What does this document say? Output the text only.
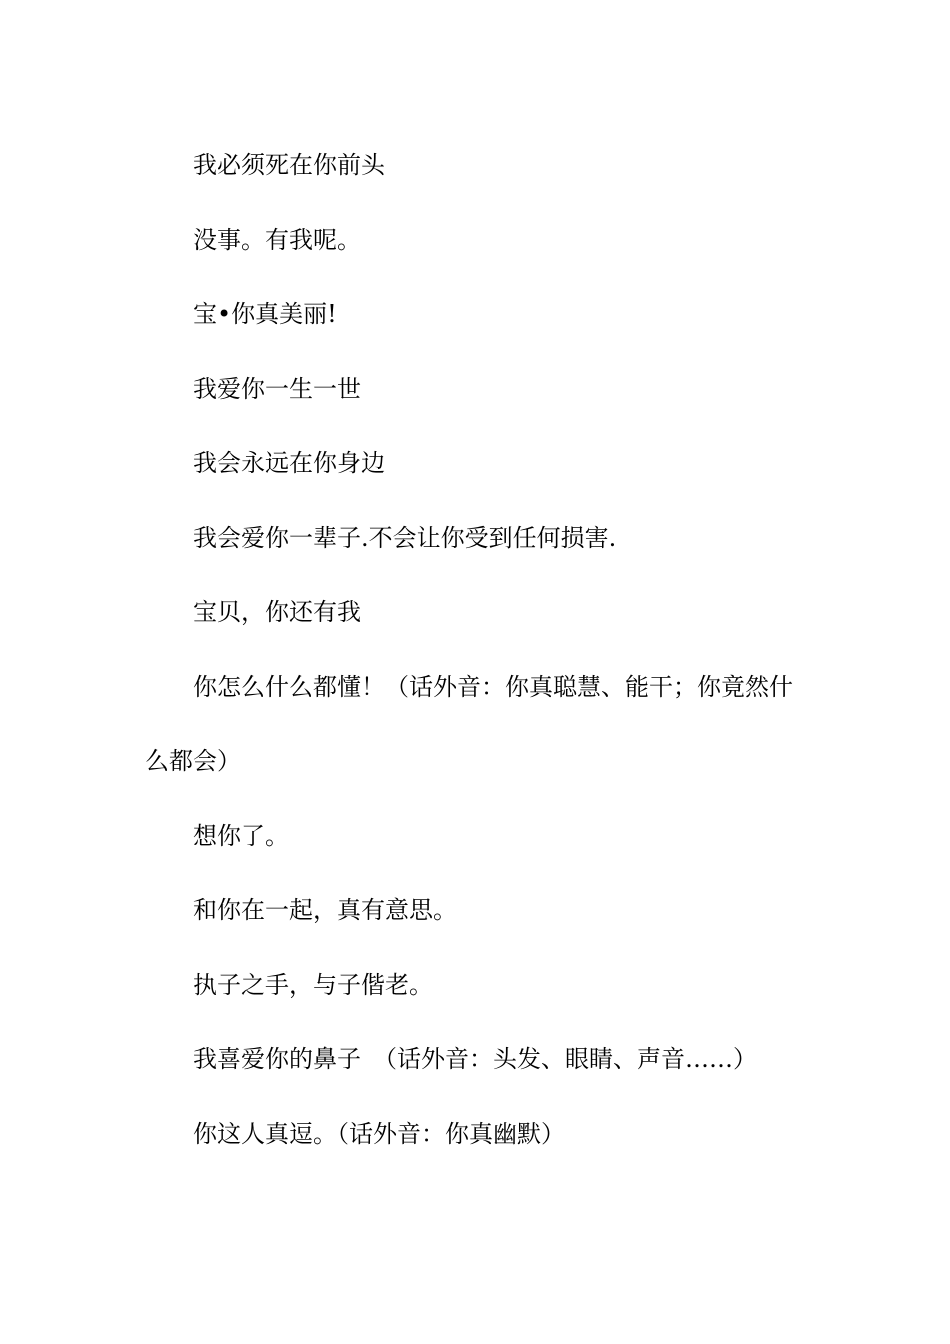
我必须死在你前头

没事。有我呢。

宝•你真美丽!

我爱你一生一世

我会永远在你身边

我会爱你一辈子.不会让你受到任何损害.

宝贝，你还有我

你怎么什么都懂！（话外音：你真聪慧、能干；你竟然什么都会）

想你了。

和你在一起，真有意思。

执子之手，与子偕老。

我喜爱你的鼻子　（话外音：头发、眼睛、声音……）

你这人真逗。（话外音：你真幽默）
